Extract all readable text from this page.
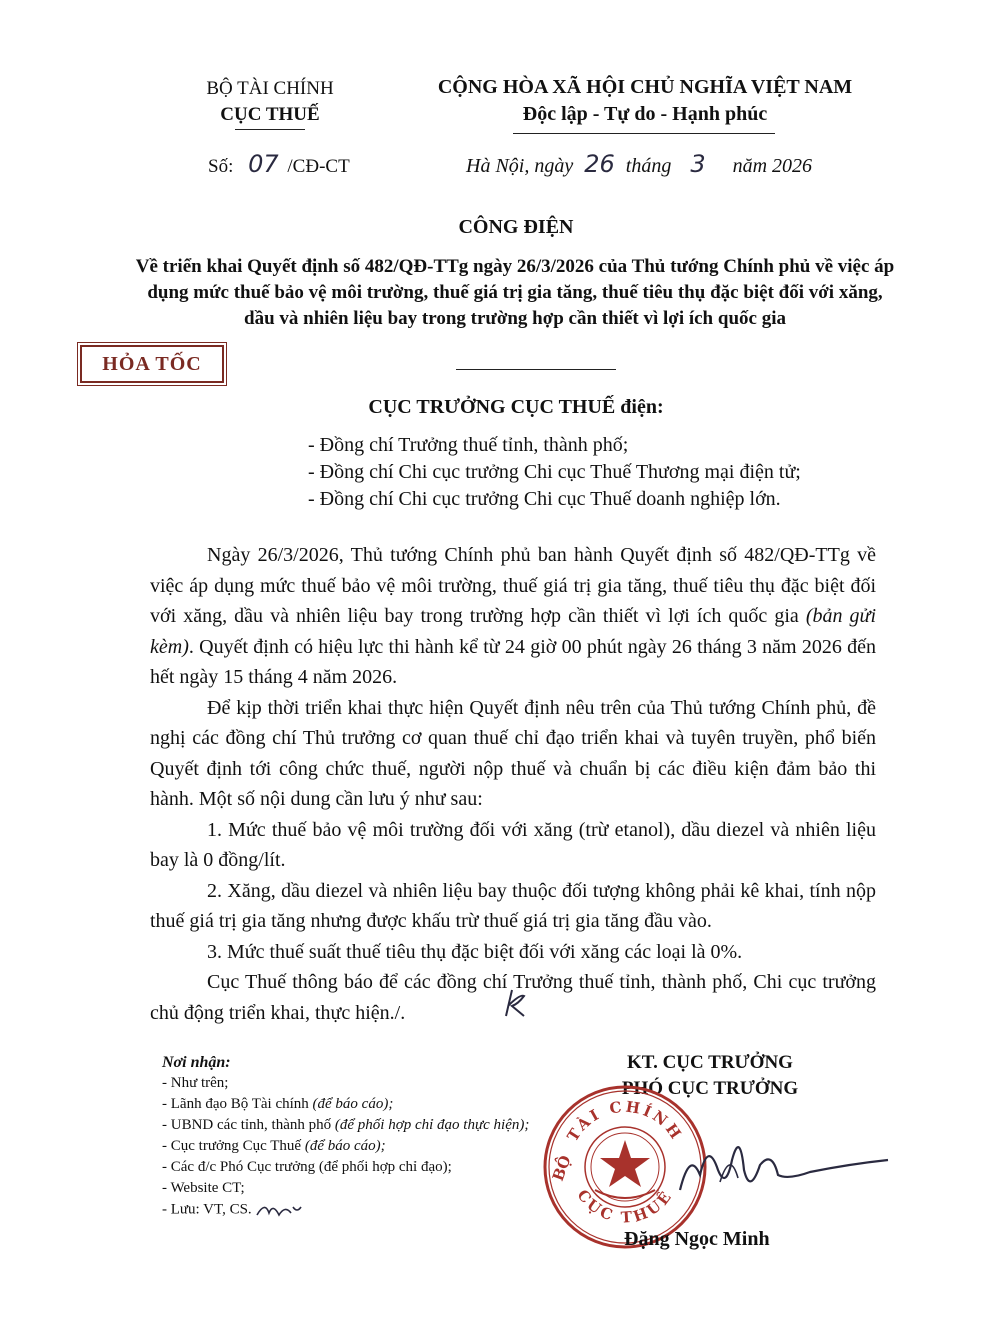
BỘ TÀI CHÍNH
CỤC THUẾ
CỘNG HÒA XÃ HỘI CHỦ NGHĨA VIỆT NAM
Độc lập - Tự do - Hạnh phúc
Số: 07 /CĐ-CT	Hà Nội, ngày 26 tháng 3 năm 2026
CÔNG ĐIỆN
Về triển khai Quyết định số 482/QĐ-TTg ngày 26/3/2026 của Thủ tướng Chính phủ về việc áp dụng mức thuế bảo vệ môi trường, thuế giá trị gia tăng, thuế tiêu thụ đặc biệt đối với xăng, dầu và nhiên liệu bay trong trường hợp cần thiết vì lợi ích quốc gia
HỎA TỐC
CỤC TRƯỞNG CỤC THUẾ điện:
- Đồng chí Trưởng thuế tỉnh, thành phố;
- Đồng chí Chi cục trưởng Chi cục Thuế Thương mại điện tử;
- Đồng chí Chi cục trưởng Chi cục Thuế doanh nghiệp lớn.

Ngày 26/3/2026, Thủ tướng Chính phủ ban hành Quyết định số 482/QĐ-TTg về việc áp dụng mức thuế bảo vệ môi trường, thuế giá trị gia tăng, thuế tiêu thụ đặc biệt đối với xăng, dầu và nhiên liệu bay trong trường hợp cần thiết vì lợi ích quốc gia (bản gửi kèm). Quyết định có hiệu lực thi hành kể từ 24 giờ 00 phút ngày 26 tháng 3 năm 2026 đến hết ngày 15 tháng 4 năm 2026.

Để kịp thời triển khai thực hiện Quyết định nêu trên của Thủ tướng Chính phủ, đề nghị các đồng chí Thủ trưởng cơ quan thuế chỉ đạo triển khai và tuyên truyền, phổ biến Quyết định tới công chức thuế, người nộp thuế và chuẩn bị các điều kiện đảm bảo thi hành. Một số nội dung cần lưu ý như sau:

1. Mức thuế bảo vệ môi trường đối với xăng (trừ etanol), dầu diezel và nhiên liệu bay là 0 đồng/lít.

2. Xăng, dầu diezel và nhiên liệu bay thuộc đối tượng không phải kê khai, tính nộp thuế giá trị gia tăng nhưng được khấu trừ thuế giá trị gia tăng đầu vào.

3. Mức thuế suất thuế tiêu thụ đặc biệt đối với xăng các loại là 0%.

Cục Thuế thông báo để các đồng chí Trưởng thuế tỉnh, thành phố, Chi cục trưởng chủ động triển khai, thực hiện./.

Nơi nhận:
- Như trên;
- Lãnh đạo Bộ Tài chính (để báo cáo);
- UBND các tỉnh, thành phố (để phối hợp chỉ đạo thực hiện);
- Cục trưởng Cục Thuế (để báo cáo);
- Các đ/c Phó Cục trưởng (để phối hợp chỉ đạo);
- Website CT;
- Lưu: VT, CS.
KT. CỤC TRƯỞNG
PHÓ CỤC TRƯỞNG
TÀI CHÍNH
CỤC THUẾ
BỘ
Đặng Ngọc Minh
